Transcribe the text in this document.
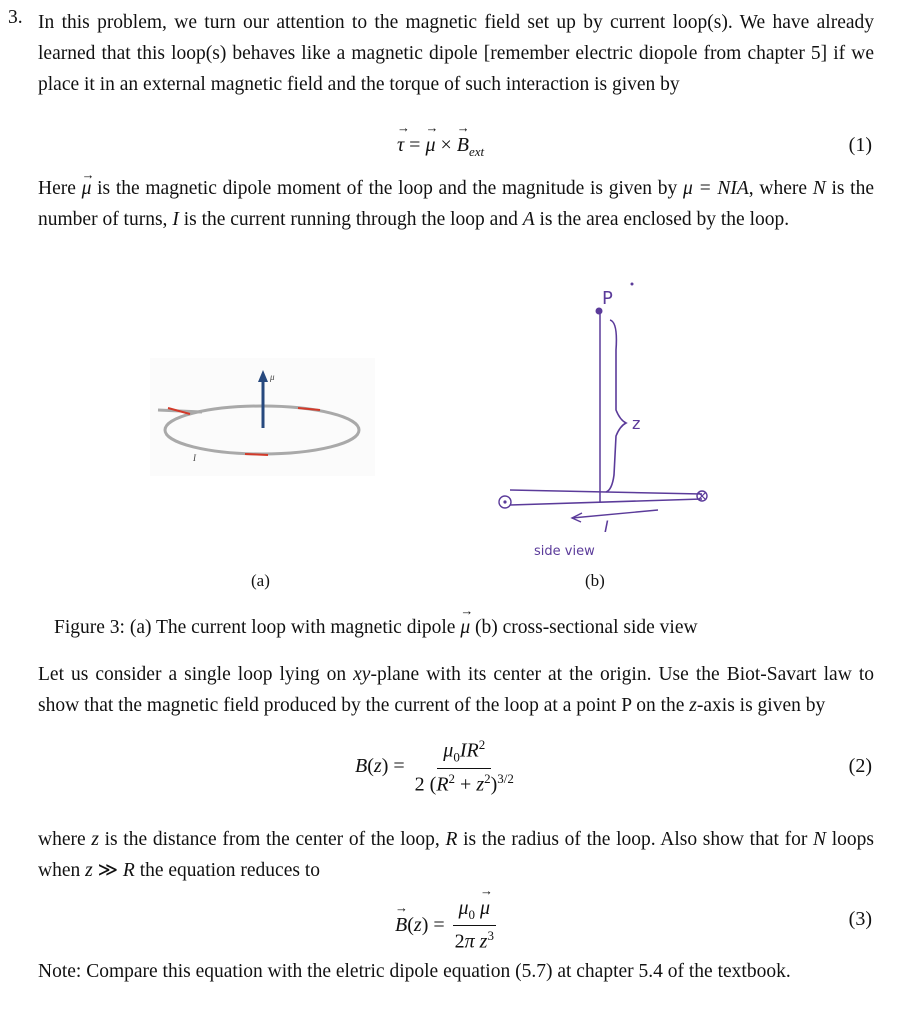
3. In this problem, we turn our attention to the magnetic field set up by current loop(s). We have already learned that this loop(s) behaves like a magnetic dipole [remember electric diopole from chapter 5] if we place it in an external magnetic field and the torque of such interaction is given by

→ τ = → μ × → $B_{ext}$	(1)

Here → μ is the magnetic dipole moment of the loop and the magnitude is given by μ = NIA, where N is the number of turns, I is the current running through the loop and A is the area enclosed by the loop.

μ
I
P
z
I
side view
(a)	(b)
Figure 3: (a) The current loop with magnetic dipole → μ (b) cross-sectional side view

Let us consider a single loop lying on xy-plane with its center at the origin. Use the Biot-Savart law to show that the magnetic field produced by the current of the loop at a point P on the z-axis is given by

$B(z) = \frac{\mu_0IR^2}{2 (R^2 + z^2)^{3/2}}$	(2)

where z is the distance from the center of the loop, R is the radius of the loop. Also show that for N loops when z ≫ R the equation reduces to

→ $B(z) = \frac{\mu_0 \to \mu}{2\pi z^3}$	(3)

Note: Compare this equation with the eletric dipole equation (5.7) at chapter 5.4 of the textbook.
